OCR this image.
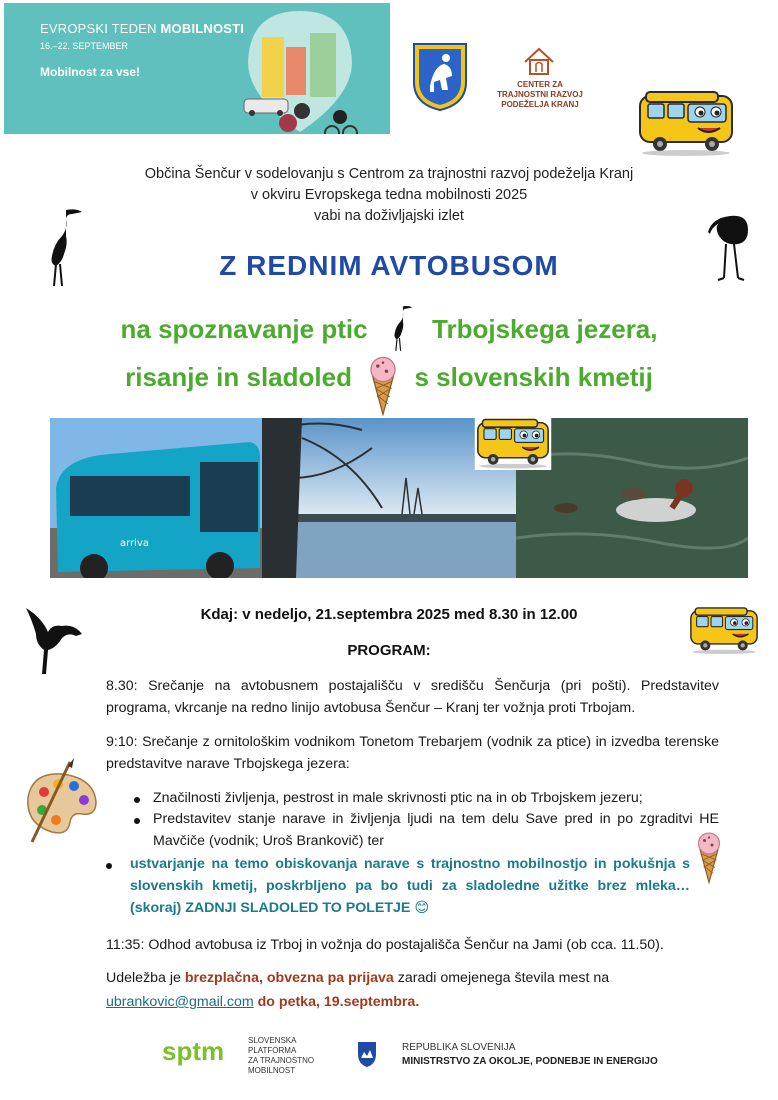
EVROPSKI TEDEN MOBILNOSTI
16.–22. SEPTEMBER
Mobilnost za vse!
CENTER ZA
TRAJNOSTNI RAZVOJ
PODEŽELJA KRANJ
Občina Šenčur v sodelovanju s Centrom za trajnostni razvoj podeželja Kranj
v okviru Evropskega tedna mobilnosti 2025
vabi na doživljajski izlet
Z REDNIM AVTOBUSOM
na spoznavanje ptic Trbojskega jezera,
risanje in sladoled s slovenskih kmetij
arriva
Kdaj: v nedeljo, 21.septembra 2025 med 8.30 in 12.00
PROGRAM:
8.30: Srečanje na avtobusnem postajališču v središču Šenčurja (pri pošti). Predstavitev programa, vkrcanje na redno linijo avtobusa Šenčur – Kranj ter vožnja proti Trbojam.
9:10: Srečanje z ornitološkim vodnikom Tonetom Trebarjem (vodnik za ptice) in izvedba terenske predstavitve narave Trbojskega jezera:
Značilnosti življenja, pestrost in male skrivnosti ptic na in ob Trbojskem jezeru;
Predstavitev stanje narave in življenja ljudi na tem delu Save pred in po zgraditvi HE Mavčiče (vodnik; Uroš Brankovič) ter
ustvarjanje na temo obiskovanja narave s trajnostno mobilnostjo in pokušnja s slovenskih kmetij, poskrbljeno pa bo tudi za sladoledne užitke brez mleka…(skoraj) ZADNJI SLADOLED TO POLETJE 😊
11:35: Odhod avtobusa iz Trboj in vožnja do postajališča Šenčur na Jami (ob cca. 11.50).
Udeležba je brezplačna, obvezna pa prijava zaradi omejenega števila mest na
ubrankovic@gmail.com do petka, 19.septembra.
sptm	SLOVENSKA
PLATFORMA
ZA TRAJNOSTNO
MOBILNOST
REPUBLIKA SLOVENIJA
MINISTRSTVO ZA OKOLJE, PODNEBJE IN ENERGIJO
